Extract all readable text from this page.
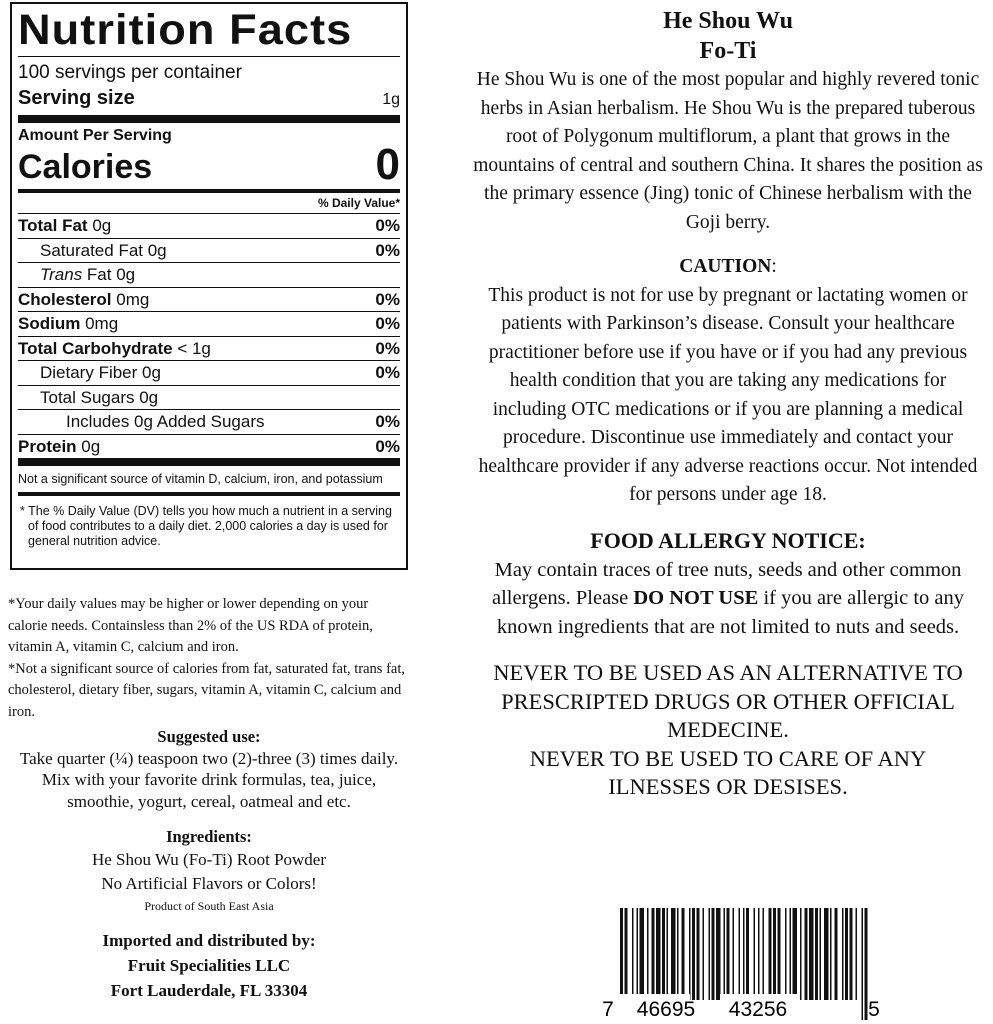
Nutrition Facts
100 servings per container
Serving size	1g
Amount Per Serving
Calories	0
% Daily Value*
Total Fat 0g	0%
Saturated Fat 0g	0%
Trans Fat 0g
Cholesterol 0mg	0%
Sodium 0mg	0%
Total Carbohydrate < 1g	0%
Dietary Fiber 0g	0%
Total Sugars 0g
Includes 0g Added Sugars	0%
Protein 0g	0%
Not a significant source of vitamin D, calcium, iron, and potassium
* The % Daily Value (DV) tells you how much a nutrient in a serving of food contributes to a daily diet. 2,000 calories a day is used for general nutrition advice.
*Your daily values may be higher or lower depending on your calorie needs. Containsless than 2% of the US RDA of protein, vitamin A, vitamin C, calcium and iron.
*Not a significant source of calories from fat, saturated fat, trans fat, cholesterol, dietary fiber, sugars, vitamin A, vitamin C, calcium and iron.
Suggested use:
Take quarter (¼) teaspoon two (2)-three (3) times daily. Mix with your favorite drink formulas, tea, juice, smoothie, yogurt, cereal, oatmeal and etc.
Ingredients:
He Shou Wu (Fo-Ti) Root Powder
No Artificial Flavors or Colors!
Product of South East Asia
Imported and distributed by:
Fruit Specialities LLC
Fort Lauderdale, FL 33304
He Shou Wu
Fo-Ti
He Shou Wu is one of the most popular and highly revered tonic herbs in Asian herbalism. He Shou Wu is the prepared tuberous root of Polygonum multiflorum, a plant that grows in the mountains of central and southern China. It shares the position as the primary essence (Jing) tonic of Chinese herbalism with the Goji berry.
CAUTION:
This product is not for use by pregnant or lactating women or patients with Parkinson’s disease. Consult your healthcare practitioner before use if you have or if you had any previous health condition that you are taking any medications for including OTC medications or if you are planning a medical procedure. Discontinue use immediately and contact your healthcare provider if any adverse reactions occur. Not intended for persons under age 18.
FOOD ALLERGY NOTICE:
May contain traces of tree nuts, seeds and other common allergens. Please DO NOT USE if you are allergic to any known ingredients that are not limited to nuts and seeds.
NEVER TO BE USED AS AN ALTERNATIVE TO PRESCRIPTED DRUGS OR OTHER OFFICIAL MEDECINE.
NEVER TO BE USED TO CARE OF ANY ILNESSES OR DESISES.
7 46695 43256	5
